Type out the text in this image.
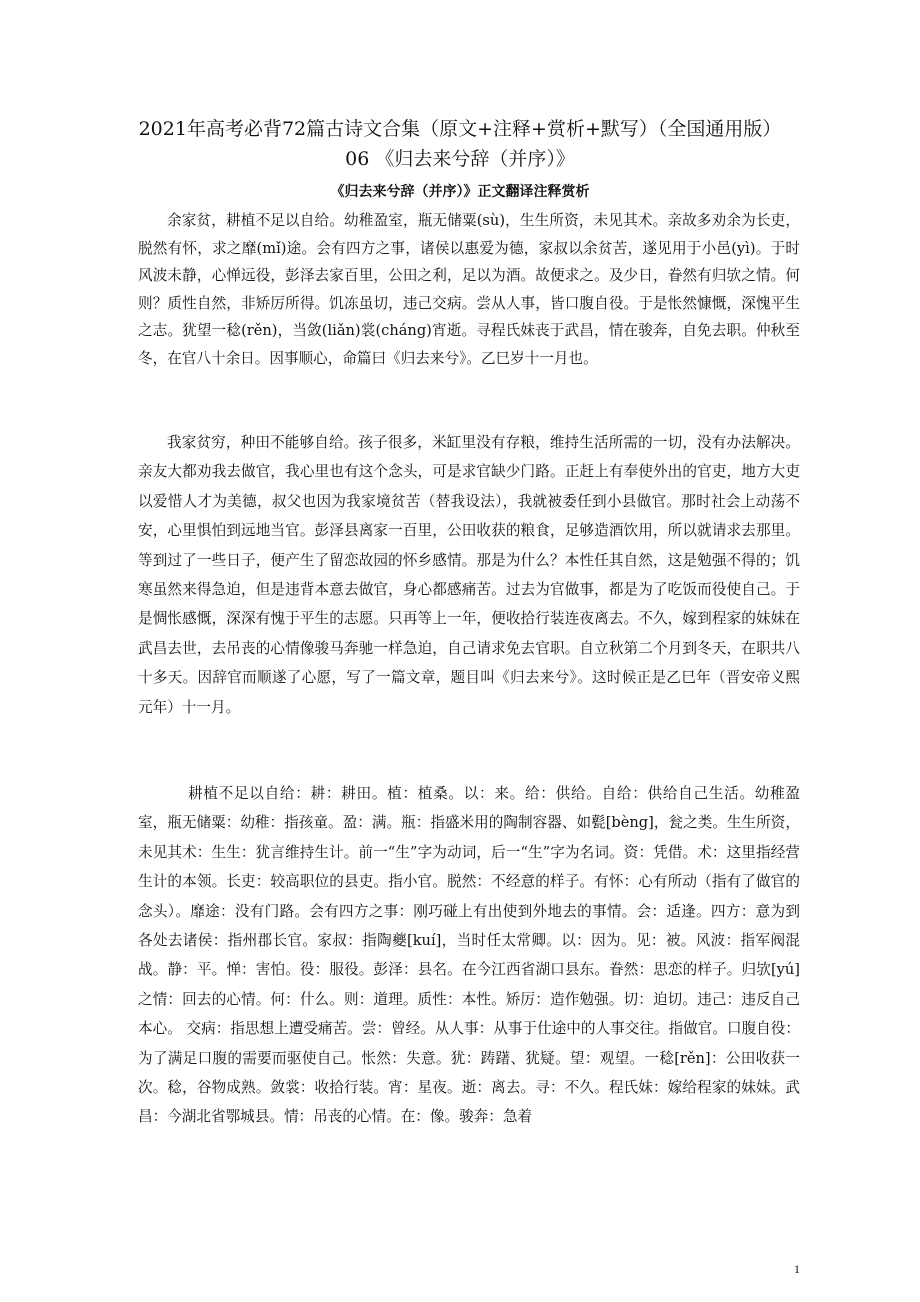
2021年高考必背72篇古诗文合集（原文+注释+赏析+默写）（全国通用版）
06 《归去来兮辞（并序）》
《归去来兮辞（并序）》正文翻译注释赏析

余家贫，耕植不足以自给。幼稚盈室，瓶无储粟(sù)，生生所资，未见其术。亲故多劝余为长吏，脱然有怀，求之靡(mǐ)途。会有四方之事，诸侯以惠爱为德，家叔以余贫苦，遂见用于小邑(yì)。于时风波未静，心惮远役，彭泽去家百里，公田之利，足以为酒。故便求之。及少日，眷然有归欤之情。何则？质性自然，非矫厉所得。饥冻虽切，违己交病。尝从人事，皆口腹自役。于是怅然慷慨，深愧平生之志。犹望一稔(rěn)，当敛(liǎn)裳(cháng)宵逝。寻程氏妹丧于武昌，情在骏奔，自免去职。仲秋至冬，在官八十余日。因事顺心，命篇曰《归去来兮》。乙巳岁十一月也。

我家贫穷，种田不能够自给。孩子很多，米缸里没有存粮，维持生活所需的一切，没有办法解决。亲友大都劝我去做官，我心里也有这个念头，可是求官缺少门路。正赶上有奉使外出的官吏，地方大吏以爱惜人才为美德，叔父也因为我家境贫苦（替我设法），我就被委任到小县做官。那时社会上动荡不安，心里惧怕到远地当官。彭泽县离家一百里，公田收获的粮食，足够造酒饮用，所以就请求去那里。等到过了一些日子，便产生了留恋故园的怀乡感情。那是为什么？本性任其自然，这是勉强不得的；饥寒虽然来得急迫，但是违背本意去做官，身心都感痛苦。过去为官做事，都是为了吃饭而役使自己。于是惆怅感慨，深深有愧于平生的志愿。只再等上一年，便收拾行装连夜离去。不久，嫁到程家的妹妹在武昌去世，去吊丧的心情像骏马奔驰一样急迫，自己请求免去官职。自立秋第二个月到冬天，在职共八十多天。因辞官而顺遂了心愿，写了一篇文章，题目叫《归去来兮》。这时候正是乙巳年（晋安帝义熙元年）十一月。

耕植不足以自给：耕：耕田。植：植桑。以：来。给：供给。自给：供给自己生活。幼稚盈室，瓶无储粟：幼稚：指孩童。盈：满。瓶：指盛米用的陶制容器、如甏[bèng]，瓮之类。生生所资，未见其术：生生：犹言维持生计。前一“生”字为动词，后一“生”字为名词。资：凭借。术：这里指经营生计的本领。长吏：较高职位的县吏。指小官。脱然：不经意的样子。有怀：心有所动（指有了做官的念头）。靡途：没有门路。会有四方之事：刚巧碰上有出使到外地去的事情。会：适逢。四方：意为到各处去诸侯：指州郡长官。家叔：指陶夔[kuí]，当时任太常卿。以：因为。见：被。风波：指军阀混战。静：平。惮：害怕。役：服役。彭泽：县名。在今江西省湖口县东。眷然：思恋的样子。归欤[yú]之情：回去的心情。何：什么。则：道理。质性：本性。矫厉：造作勉强。切：迫切。违己：违反自己本心。 交病：指思想上遭受痛苦。尝：曾经。从人事：从事于仕途中的人事交往。指做官。口腹自役：为了满足口腹的需要而驱使自己。怅然：失意。犹：踌躇、犹疑。望：观望。一稔[rěn]：公田收获一次。稔，谷物成熟。敛裳：收拾行装。宵：星夜。逝：离去。寻：不久。程氏妹：嫁给程家的妹妹。武昌：今湖北省鄂城县。情：吊丧的心情。在：像。骏奔：急着

1
